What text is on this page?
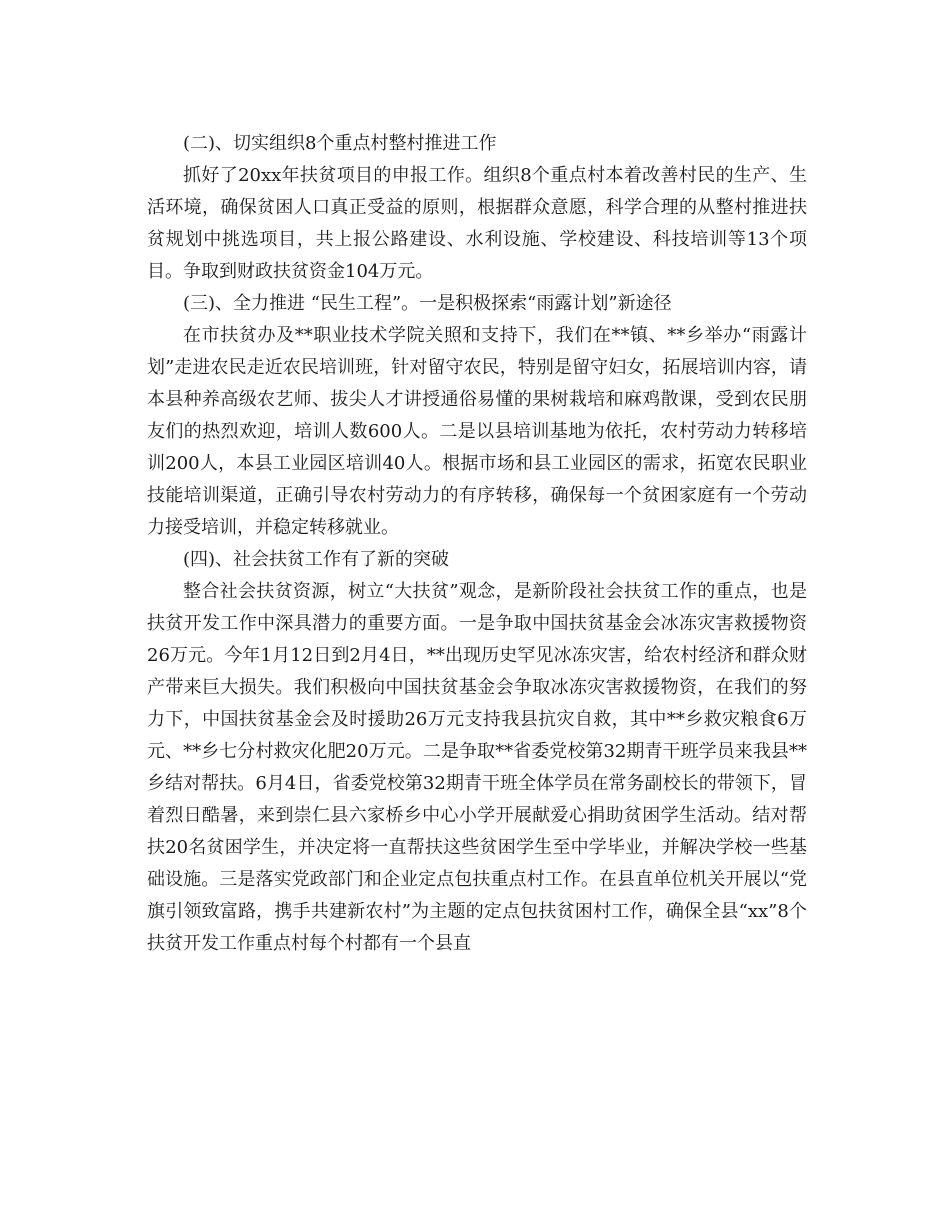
(二)、切实组织8个重点村整村推进工作

抓好了20xx年扶贫项目的申报工作。组织8个重点村本着改善村民的生产、生活环境，确保贫困人口真正受益的原则，根据群众意愿，科学合理的从整村推进扶贫规划中挑选项目，共上报公路建设、水利设施、学校建设、科技培训等13个项目。争取到财政扶贫资金104万元。

(三)、全力推进 “民生工程”。一是积极探索“雨露计划”新途径

在市扶贫办及**职业技术学院关照和支持下，我们在**镇、**乡举办“雨露计划”走进农民走近农民培训班，针对留守农民，特别是留守妇女，拓展培训内容，请本县种养高级农艺师、拔尖人才讲授通俗易懂的果树栽培和麻鸡散课，受到农民朋友们的热烈欢迎，培训人数600人。二是以县培训基地为依托，农村劳动力转移培训200人，本县工业园区培训40人。根据市场和县工业园区的需求，拓宽农民职业技能培训渠道，正确引导农村劳动力的有序转移，确保每一个贫困家庭有一个劳动力接受培训，并稳定转移就业。

(四)、社会扶贫工作有了新的突破

整合社会扶贫资源，树立“大扶贫”观念，是新阶段社会扶贫工作的重点，也是扶贫开发工作中深具潜力的重要方面。一是争取中国扶贫基金会冰冻灾害救援物资26万元。今年1月12日到2月4日，**出现历史罕见冰冻灾害，给农村经济和群众财产带来巨大损失。我们积极向中国扶贫基金会争取冰冻灾害救援物资，在我们的努力下，中国扶贫基金会及时援助26万元支持我县抗灾自救，其中**乡救灾粮食6万元、**乡七分村救灾化肥20万元。二是争取**省委党校第32期青干班学员来我县**乡结对帮扶。6月4日，省委党校第32期青干班全体学员在常务副校长的带领下，冒着烈日酷暑，来到崇仁县六家桥乡中心小学开展献爱心捐助贫困学生活动。结对帮扶20名贫困学生，并决定将一直帮扶这些贫困学生至中学毕业，并解决学校一些基础设施。三是落实党政部门和企业定点包扶重点村工作。在县直单位机关开展以“党旗引领致富路，携手共建新农村”为主题的定点包扶贫困村工作，确保全县“xx”8个扶贫开发工作重点村每个村都有一个县直
